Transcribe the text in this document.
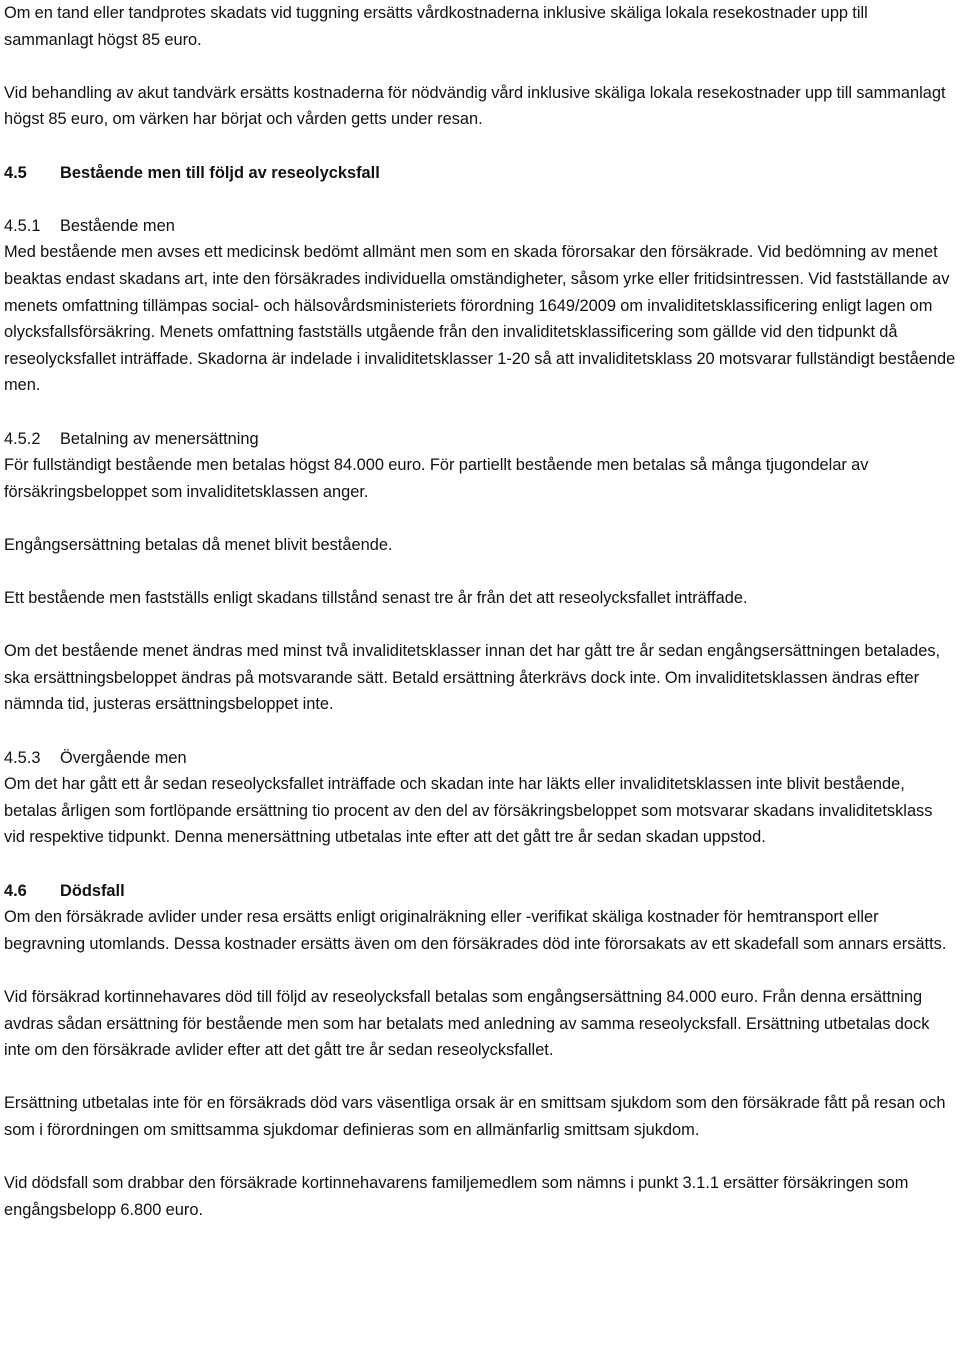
Om en tand eller tandprotes skadats vid tuggning ersätts vårdkostnaderna inklusive skäliga lokala resekostnader upp till sammanlagt högst 85 euro.

Vid behandling av akut tandvärk ersätts kostnaderna för nödvändig vård inklusive skäliga lokala resekostnader upp till sammanlagt högst 85 euro, om värken har börjat och vården getts under resan.

4.5 Bestående men till följd av reseolycksfall

4.5.1 Bestående men

Med bestående men avses ett medicinsk bedömt allmänt men som en skada förorsakar den försäkrade. Vid bedömning av menet beaktas endast skadans art, inte den försäkrades individuella omständigheter, såsom yrke eller fritidsintressen. Vid fastställande av menets omfattning tillämpas social- och hälsovårdsministeriets förordning 1649/2009 om invaliditetsklassificering enligt lagen om olycksfallsförsäkring. Menets omfattning fastställs utgående från den invaliditetsklassificering som gällde vid den tidpunkt då reseolycksfallet inträffade. Skadorna är indelade i invaliditetsklasser 1-20 så att invaliditetsklass 20 motsvarar fullständigt bestående men.

4.5.2 Betalning av menersättning

För fullständigt bestående men betalas högst 84.000 euro. För partiellt bestående men betalas så många tjugondelar av försäkringsbeloppet som invaliditetsklassen anger.

Engångsersättning betalas då menet blivit bestående.

Ett bestående men fastställs enligt skadans tillstånd senast tre år från det att reseolycksfallet inträffade.

Om det bestående menet ändras med minst två invaliditetsklasser innan det har gått tre år sedan engångsersättningen betalades, ska ersättningsbeloppet ändras på motsvarande sätt. Betald ersättning återkrävs dock inte. Om invaliditetsklassen ändras efter nämnda tid, justeras ersättningsbeloppet inte.

4.5.3 Övergående men

Om det har gått ett år sedan reseolycksfallet inträffade och skadan inte har läkts eller invaliditetsklassen inte blivit bestående, betalas årligen som fortlöpande ersättning tio procent av den del av försäkringsbeloppet som motsvarar skadans invaliditetsklass vid respektive tidpunkt. Denna menersättning utbetalas inte efter att det gått tre år sedan skadan uppstod.

4.6 Dödsfall

Om den försäkrade avlider under resa ersätts enligt originalräkning eller -verifikat skäliga kostnader för hemtransport eller begravning utomlands. Dessa kostnader ersätts även om den försäkrades död inte förorsakats av ett skadefall som annars ersätts.

Vid försäkrad kortinnehavares död till följd av reseolycksfall betalas som engångsersättning 84.000 euro. Från denna ersättning avdras sådan ersättning för bestående men som har betalats med anledning av samma reseolycksfall. Ersättning utbetalas dock inte om den försäkrade avlider efter att det gått tre år sedan reseolycksfallet.

Ersättning utbetalas inte för en försäkrads död vars väsentliga orsak är en smittsam sjukdom som den försäkrade fått på resan och som i förordningen om smittsamma sjukdomar definieras som en allmänfarlig smittsam sjukdom.

Vid dödsfall som drabbar den försäkrade kortinnehavarens familjemedlem som nämns i punkt 3.1.1 ersätter försäkringen som engångsbelopp 6.800 euro.
